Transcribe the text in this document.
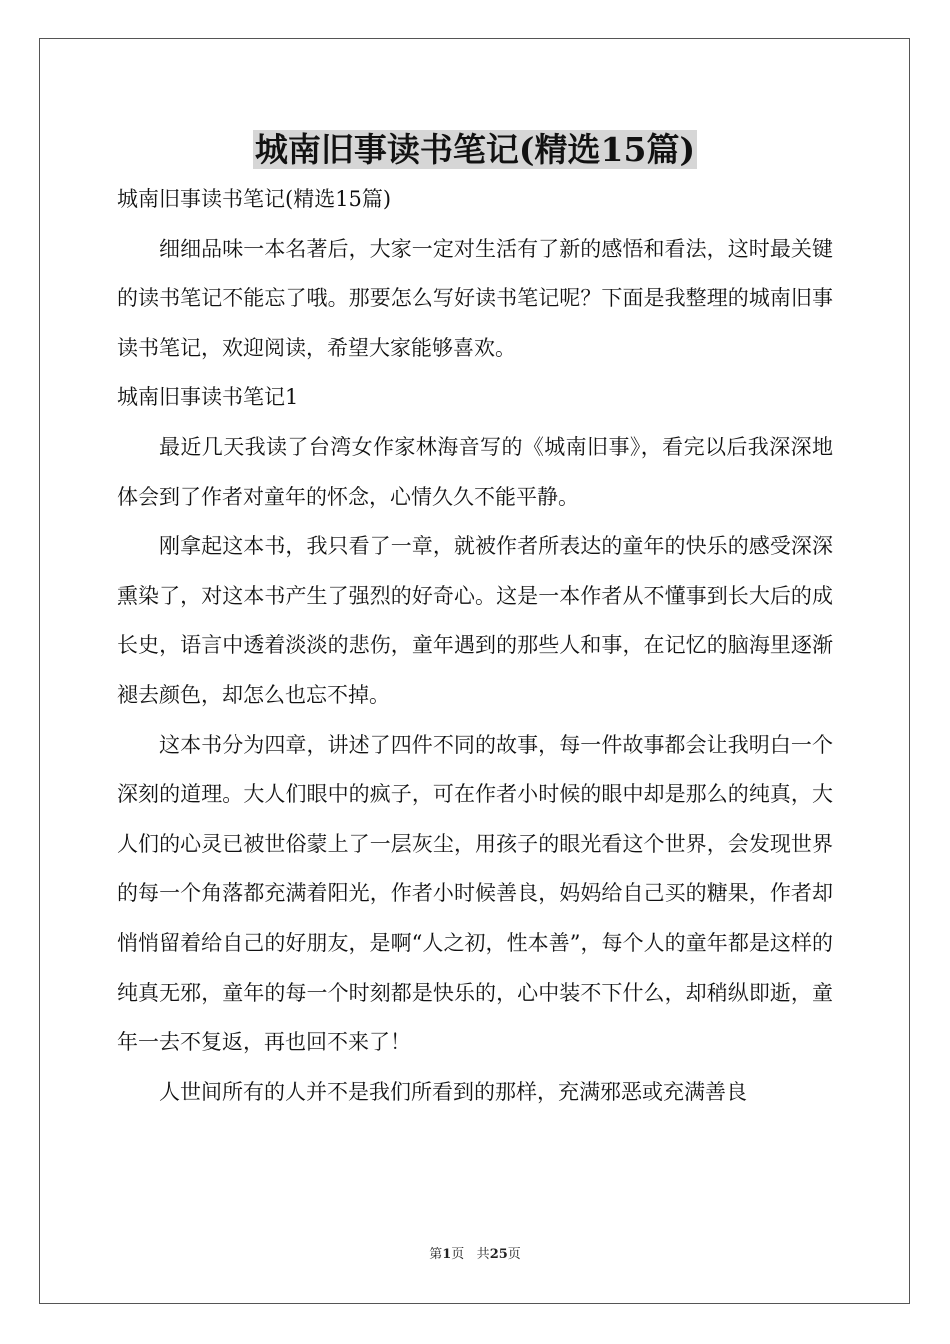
城南旧事读书笔记(精选15篇)

城南旧事读书笔记(精选15篇)

细细品味一本名著后，大家一定对生活有了新的感悟和看法，这时最关键的读书笔记不能忘了哦。那要怎么写好读书笔记呢？下面是我整理的城南旧事读书笔记，欢迎阅读，希望大家能够喜欢。

城南旧事读书笔记1

最近几天我读了台湾女作家林海音写的《城南旧事》，看完以后我深深地体会到了作者对童年的怀念，心情久久不能平静。

刚拿起这本书，我只看了一章，就被作者所表达的童年的快乐的感受深深熏染了，对这本书产生了强烈的好奇心。这是一本作者从不懂事到长大后的成长史，语言中透着淡淡的悲伤，童年遇到的那些人和事，在记忆的脑海里逐渐褪去颜色，却怎么也忘不掉。

这本书分为四章，讲述了四件不同的故事，每一件故事都会让我明白一个深刻的道理。大人们眼中的疯子，可在作者小时候的眼中却是那么的纯真，大人们的心灵已被世俗蒙上了一层灰尘，用孩子的眼光看这个世界，会发现世界的每一个角落都充满着阳光，作者小时候善良，妈妈给自己买的糖果，作者却悄悄留着给自己的好朋友，是啊“人之初，性本善”，每个人的童年都是这样的纯真无邪，童年的每一个时刻都是快乐的，心中装不下什么，却稍纵即逝，童年一去不复返，再也回不来了！

人世间所有的人并不是我们所看到的那样，充满邪恶或充满善良

第1页 共25页
